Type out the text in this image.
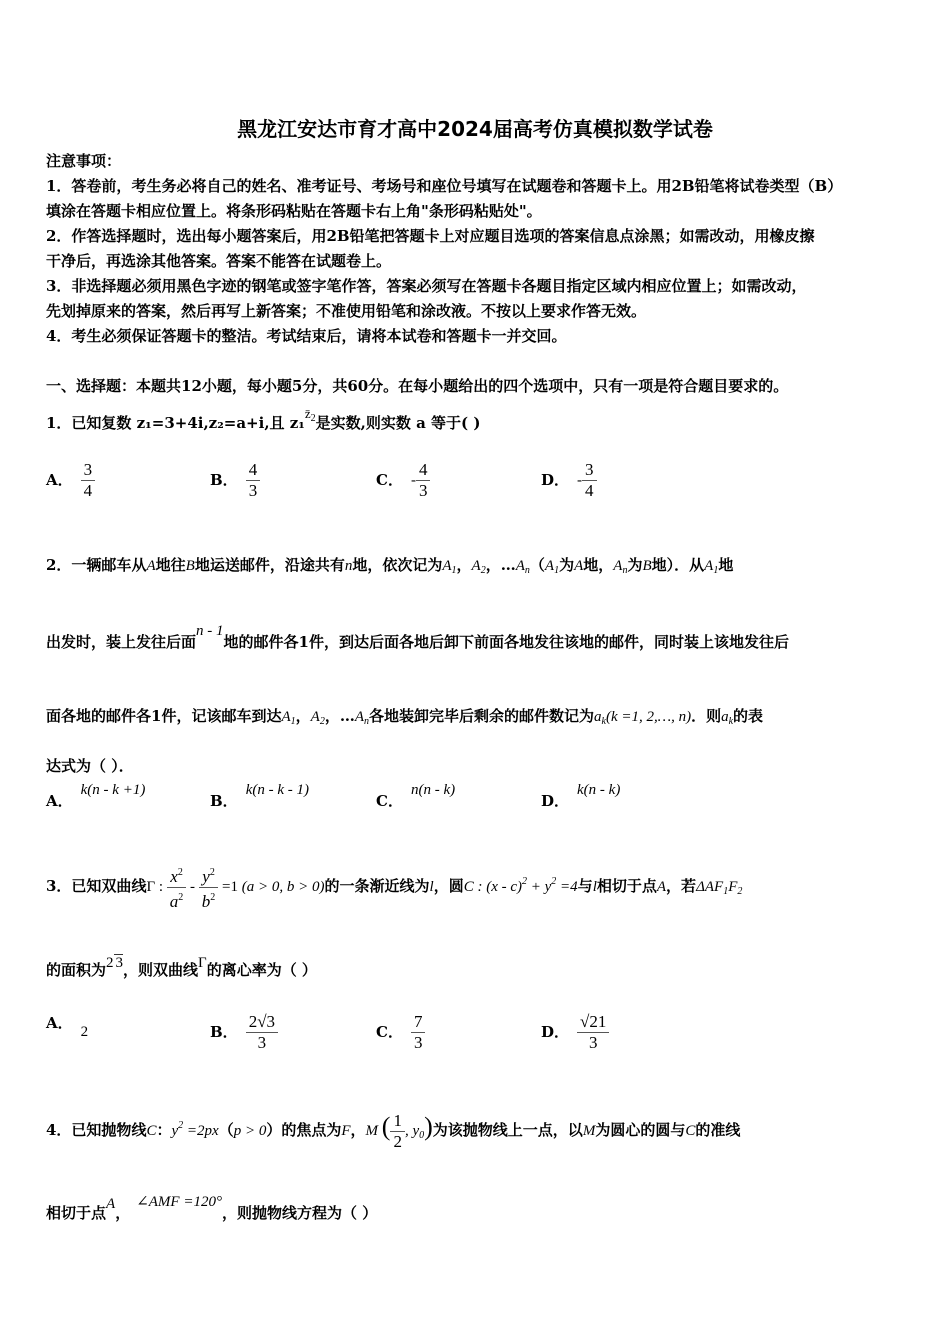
黑龙江安达市育才高中2024届高考仿真模拟数学试卷
注意事项：
1．答卷前，考生务必将自己的姓名、准考证号、考场号和座位号填写在试题卷和答题卡上。用2B铅笔将试卷类型（B）
填涂在答题卡相应位置上。将条形码粘贴在答题卡右上角"条形码粘贴处"。
2．作答选择题时，选出每小题答案后，用2B铅笔把答题卡上对应题目选项的答案信息点涂黑；如需改动，用橡皮擦
干净后，再选涂其他答案。答案不能答在试题卷上。
3．非选择题必须用黑色字迹的钢笔或签字笔作答，答案必须写在答题卡各题目指定区域内相应位置上；如需改动，
先划掉原来的答案，然后再写上新答案；不准使用铅笔和涂改液。不按以上要求作答无效。
4．考生必须保证答题卡的整洁。考试结束后，请将本试卷和答题卡一并交回。
一、选择题：本题共12小题，每小题5分，共60分。在每小题给出的四个选项中，只有一项是符合题目要求的。
1．已知复数 z₁=3+4i,z₂=a+i,且 $z_1z̄_2$是实数,则实数 a 等于( )
A． $\frac{3}{4}$	B． $\frac{4}{3}$	C． - $\frac{4}{3}$	D． - $\frac{3}{4}$
2．一辆邮车从A地往B地运送邮件，沿途共有n地，依次记为$A_1$，$A_2$，$\dots A_n(A_1$为A地，$A_n$为B地）．从$A_1$地
出发时，装上发往后面n - 1地的邮件各1件，到达后面各地后卸下前面各地发往该地的邮件，同时装上该地发往后
面各地的邮件各1件，记该邮车到达$A_1$，$A_2$，$\dots A_n$各地装卸完毕后剩余的邮件数记为$a_k(k =1$, 2,…, n)．则$a_k$的表
达式为（ ）．
A．k(n - k +1)
B．k(n - k - 1)
C．n(n - k)
D．k(n - k)
3．已知双曲线Γ : $\frac{x^2}{a^2} - \frac{y^2}{b^2} =1$ (a > 0, b > 0)的一条渐近线为l，圆C : $(x - c)^2 + y^2 =4$与l相切于点A，若$\Delta AF_1F_2$
的面积为2 3，则双曲线Γ的离心率为（ ）
A． 2	B． $\frac{2√3}{3}$	C． $\frac{7}{3}$	D． $\frac{√21}{3}$
4．已知抛物线C：$y^2 =2px(p > 0)$的焦点为F，M ( $\frac{1}{2}$ , $y_0$)为该抛物线上一点，以M为圆心的圆与C的准线
相切于点A，∠AMF =120°，则抛物线方程为（ ）
